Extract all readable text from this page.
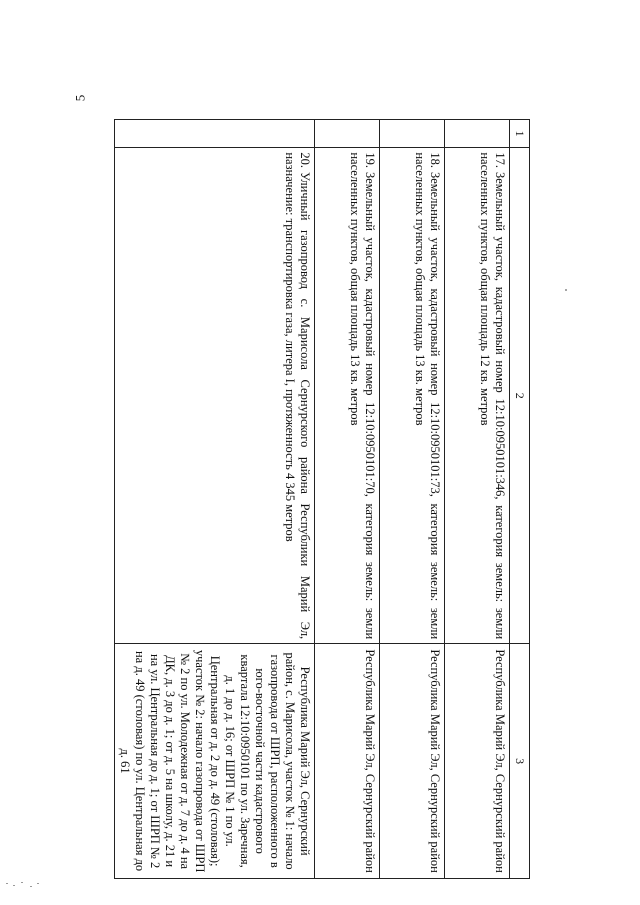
5
1	2	3
	17.Земельный участок, кадастровый номер 12:10:0950101:346, категория земель: земли населенных пунктов, общая площадь 12 кв. метров	Республика Марий Эл, Сернурский район
	18.Земельный участок, кадастровый номер 12:10:0950101:73, категория земель: земли населенных пунктов, общая площадь 13 кв. метров	Республика Марий Эл, Сернурский район
	19.Земельный участок, кадастровый номер 12:10:0950101:70, категория земель: земли населенных пунктов, общая площадь 13 кв. метров	Республика Марий Эл, Сернурский район
	20.Уличный газопровод с. Марисола Сернурского района Республики Марий Эл, назначение: транспортировка газа, литера I, протяженность 4 345 метров	Республика Марий Эл, Сернурский район, с. Марисола, участок № 1: начало газопровода от ШРП, расположенного в юго-восточной части кадастрового квартала 12:10:0950101 по ул. Заречная, д. 1 до д. 16; от ШРП № 1 по ул. Центральная от д. 2 до д. 49 (столовая); участок № 2: начало газопровода от ШРП № 2 по ул. Молодежная от д. 7 до д. 4 на ДК, д. 3 до д. 1; от д. 5 на школу, д. 21 и на ул. Центральная до д. 1; от ШРП № 2 на д. 49 (столовая) по ул. Центральная до д. 61
